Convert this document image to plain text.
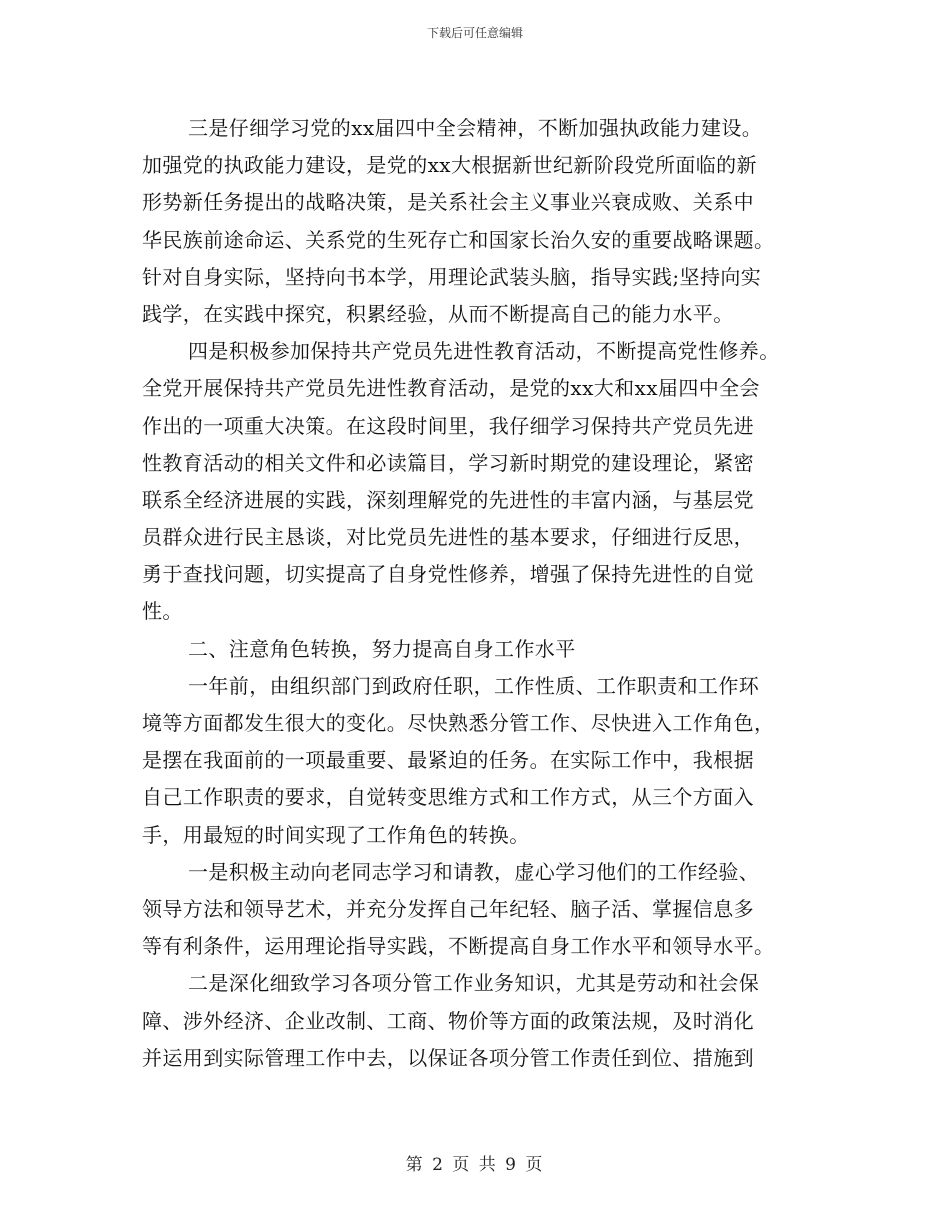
下载后可任意编辑
三是仔细学习党的xx届四中全会精神，不断加强执政能力建设。
加强党的执政能力建设，是党的xx大根据新世纪新阶段党所面临的新
形势新任务提出的战略决策，是关系社会主义事业兴衰成败、关系中
华民族前途命运、关系党的生死存亡和国家长治久安的重要战略课题。
针对自身实际，坚持向书本学，用理论武装头脑，指导实践;坚持向实
践学，在实践中探究，积累经验，从而不断提高自己的能力水平。
四是积极参加保持共产党员先进性教育活动，不断提高党性修养。
全党开展保持共产党员先进性教育活动，是党的xx大和xx届四中全会
作出的一项重大决策。在这段时间里，我仔细学习保持共产党员先进
性教育活动的相关文件和必读篇目，学习新时期党的建设理论，紧密
联系全经济进展的实践，深刻理解党的先进性的丰富内涵，与基层党
员群众进行民主恳谈，对比党员先进性的基本要求，仔细进行反思，
勇于查找问题，切实提高了自身党性修养，增强了保持先进性的自觉
性。
二、注意角色转换，努力提高自身工作水平
一年前，由组织部门到政府任职，工作性质、工作职责和工作环
境等方面都发生很大的变化。尽快熟悉分管工作、尽快进入工作角色，
是摆在我面前的一项最重要、最紧迫的任务。在实际工作中，我根据
自己工作职责的要求，自觉转变思维方式和工作方式，从三个方面入
手，用最短的时间实现了工作角色的转换。
一是积极主动向老同志学习和请教，虚心学习他们的工作经验、
领导方法和领导艺术，并充分发挥自己年纪轻、脑子活、掌握信息多
等有利条件，运用理论指导实践，不断提高自身工作水平和领导水平。
二是深化细致学习各项分管工作业务知识，尤其是劳动和社会保
障、涉外经济、企业改制、工商、物价等方面的政策法规，及时消化
并运用到实际管理工作中去，以保证各项分管工作责任到位、措施到
第 2 页 共 9 页
